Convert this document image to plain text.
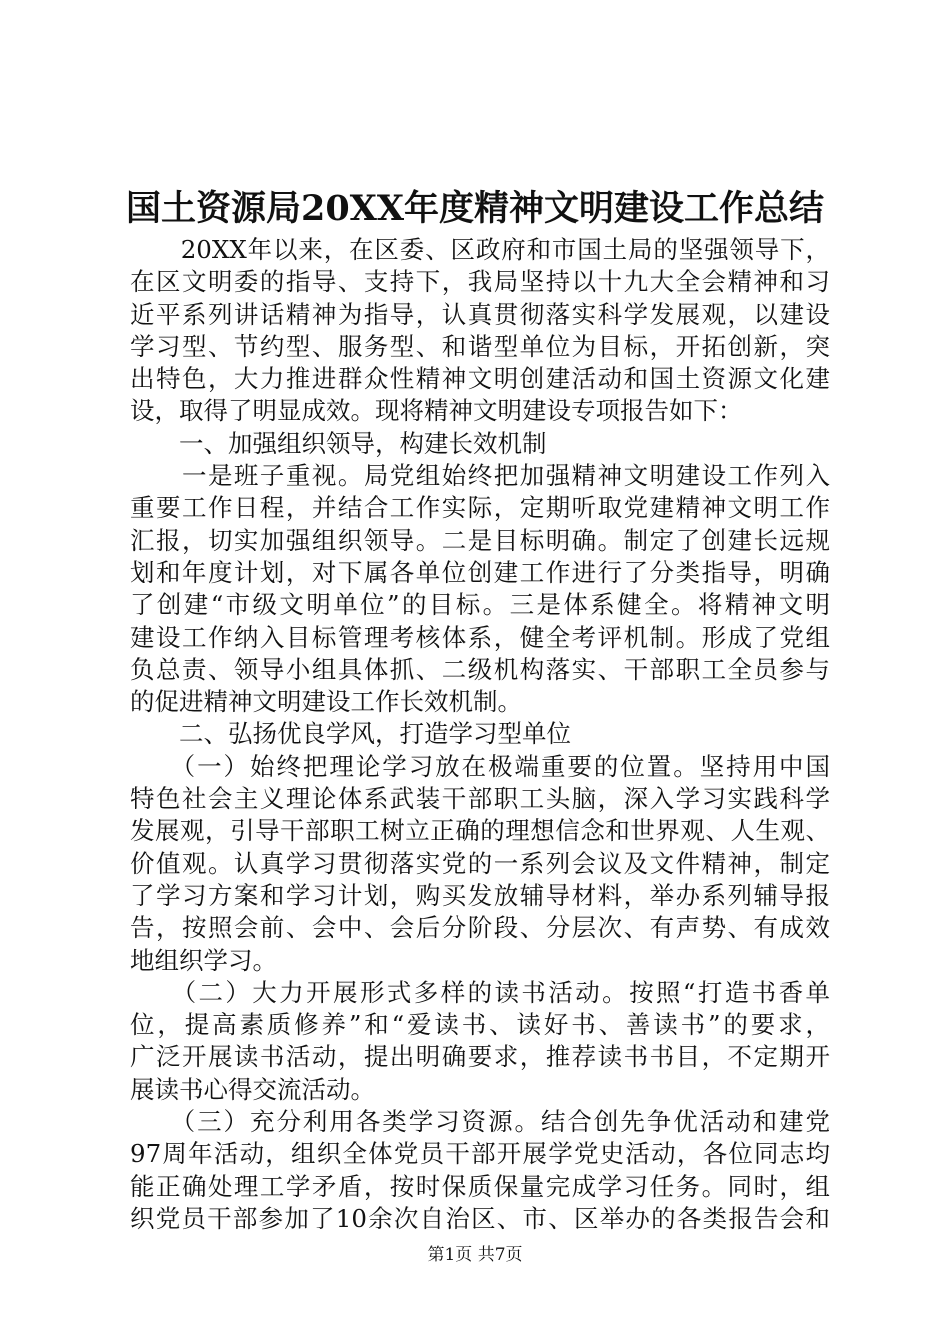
国土资源局20XX年度精神文明建设工作总结
　　20XX年以来，在区委、区政府和市国土局的坚强领导下，
在区文明委的指导、支持下，我局坚持以十九大全会精神和习
近平系列讲话精神为指导，认真贯彻落实科学发展观，以建设
学习型、节约型、服务型、和谐型单位为目标，开拓创新，突
出特色，大力推进群众性精神文明创建活动和国土资源文化建
设，取得了明显成效。现将精神文明建设专项报告如下：
　　一、加强组织领导，构建长效机制
　　一是班子重视。局党组始终把加强精神文明建设工作列入
重要工作日程，并结合工作实际，定期听取党建精神文明工作
汇报，切实加强组织领导。二是目标明确。制定了创建长远规
划和年度计划，对下属各单位创建工作进行了分类指导，明确
了创建“市级文明单位”的目标。三是体系健全。将精神文明
建设工作纳入目标管理考核体系，健全考评机制。形成了党组
负总责、领导小组具体抓、二级机构落实、干部职工全员参与
的促进精神文明建设工作长效机制。
　　二、弘扬优良学风，打造学习型单位
　　（一）始终把理论学习放在极端重要的位置。坚持用中国
特色社会主义理论体系武装干部职工头脑，深入学习实践科学
发展观，引导干部职工树立正确的理想信念和世界观、人生观、
价值观。认真学习贯彻落实党的一系列会议及文件精神，制定
了学习方案和学习计划，购买发放辅导材料，举办系列辅导报
告，按照会前、会中、会后分阶段、分层次、有声势、有成效
地组织学习。
　　（二）大力开展形式多样的读书活动。按照“打造书香单
位，提高素质修养”和“爱读书、读好书、善读书”的要求，
广泛开展读书活动，提出明确要求，推荐读书书目，不定期开
展读书心得交流活动。
　　（三）充分利用各类学习资源。结合创先争优活动和建党
97周年活动，组织全体党员干部开展学党史活动，各位同志均
能正确处理工学矛盾，按时保质保量完成学习任务。同时，组
织党员干部参加了10余次自治区、市、区举办的各类报告会和
第1页 共7页
